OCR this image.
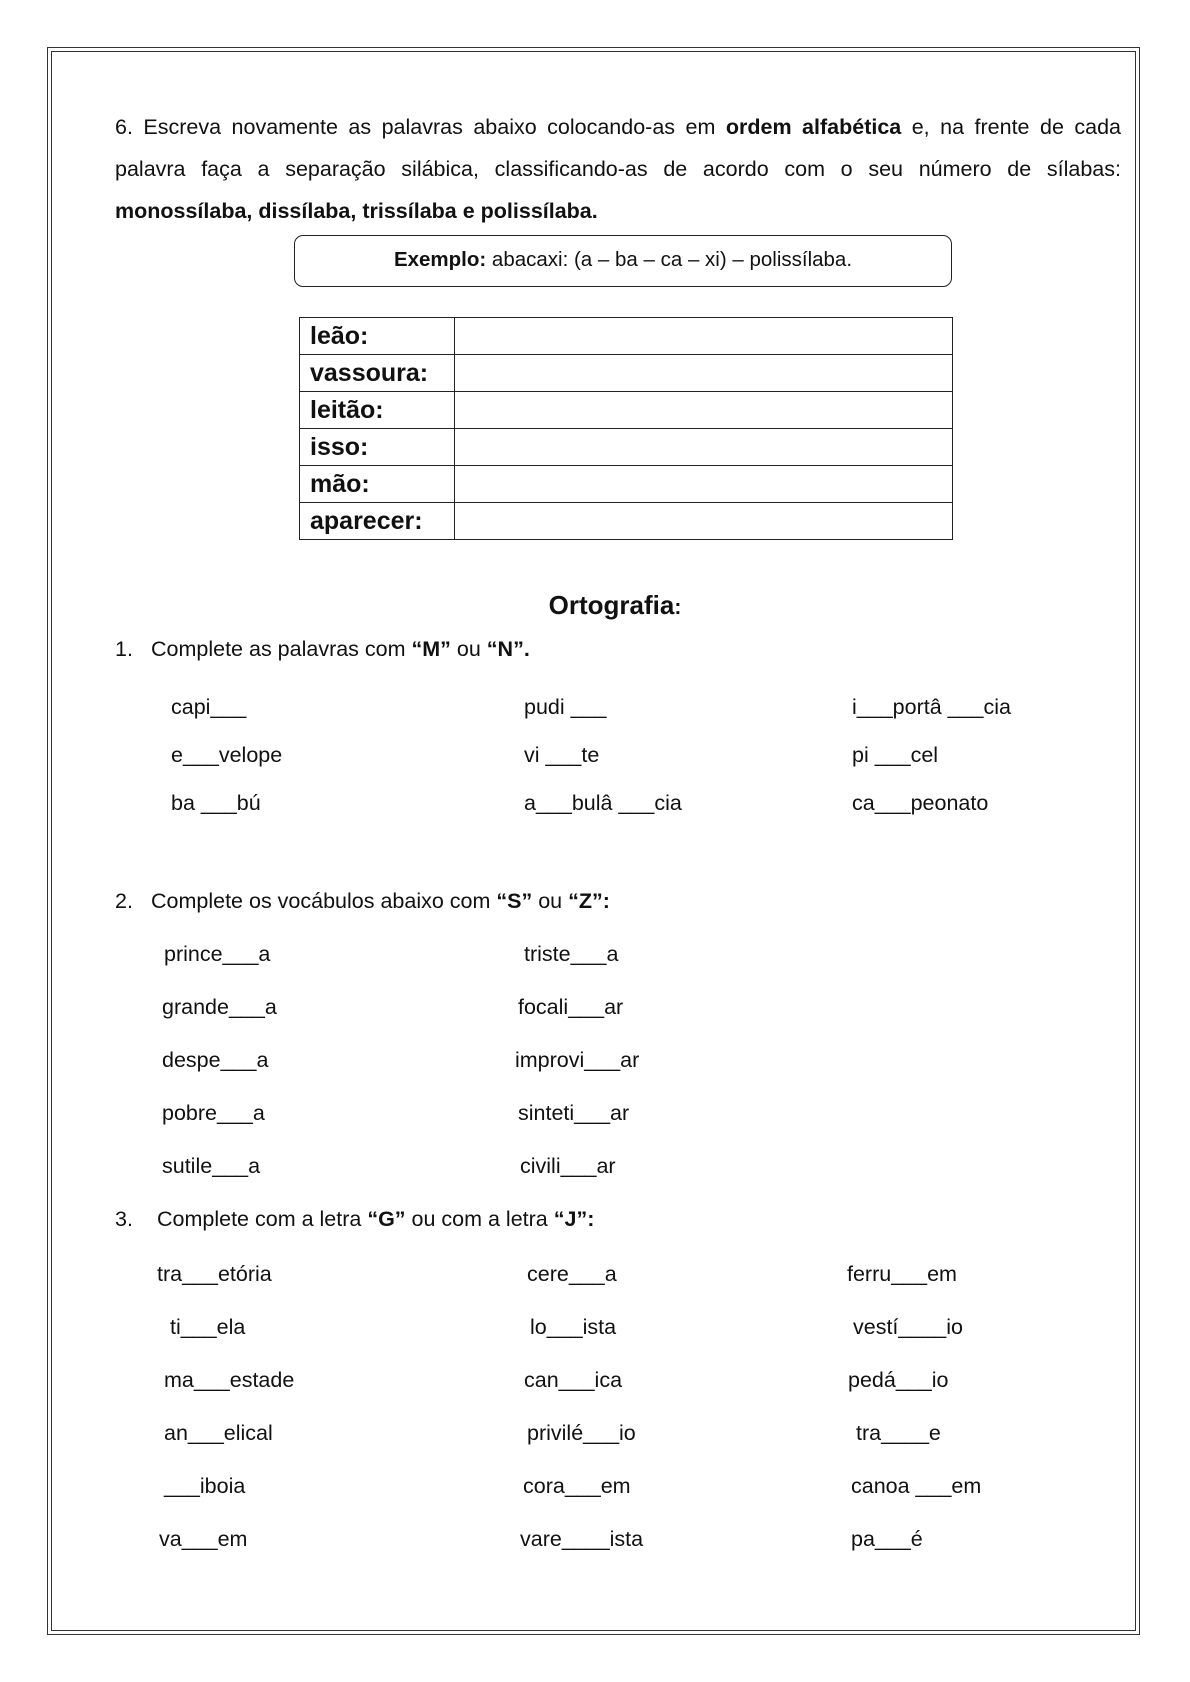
6. Escreva novamente as palavras abaixo colocando-as em ordem alfabética e, na frente de cada palavra faça a separação silábica, classificando-as de acordo com o seu número de sílabas: monossílaba, dissílaba, trissílaba e polissílaba.

Exemplo: abacaxi: (a – ba – ca – xi) – polissílaba.
leão:	
vassoura:	
leitão:	
isso:	
mão:	
aparecer:	
Ortografia:

1. Complete as palavras com “M” ou “N”.

capi___	pudi ___	i___portâ ___cia
e___velope	vi ___te	pi ___cel
ba ___bú	a___bulâ ___cia	ca___peonato

2. Complete os vocábulos abaixo com “S” ou “Z”:

prince___a	triste___a
grande___a	focali___ar
despe___a	improvi___ar
pobre___a	sinteti___ar
sutile___a	civili___ar

3. Complete com a letra “G” ou com a letra “J”:

tra___etória	cere___a	ferru___em
ti___ela	lo___ista	vestí____io
ma___estade	can___ica	pedá___io
an___elical	privilé___io	tra____e
___iboia	cora___em	canoa ___em
va___em	vare____ista	pa___é
